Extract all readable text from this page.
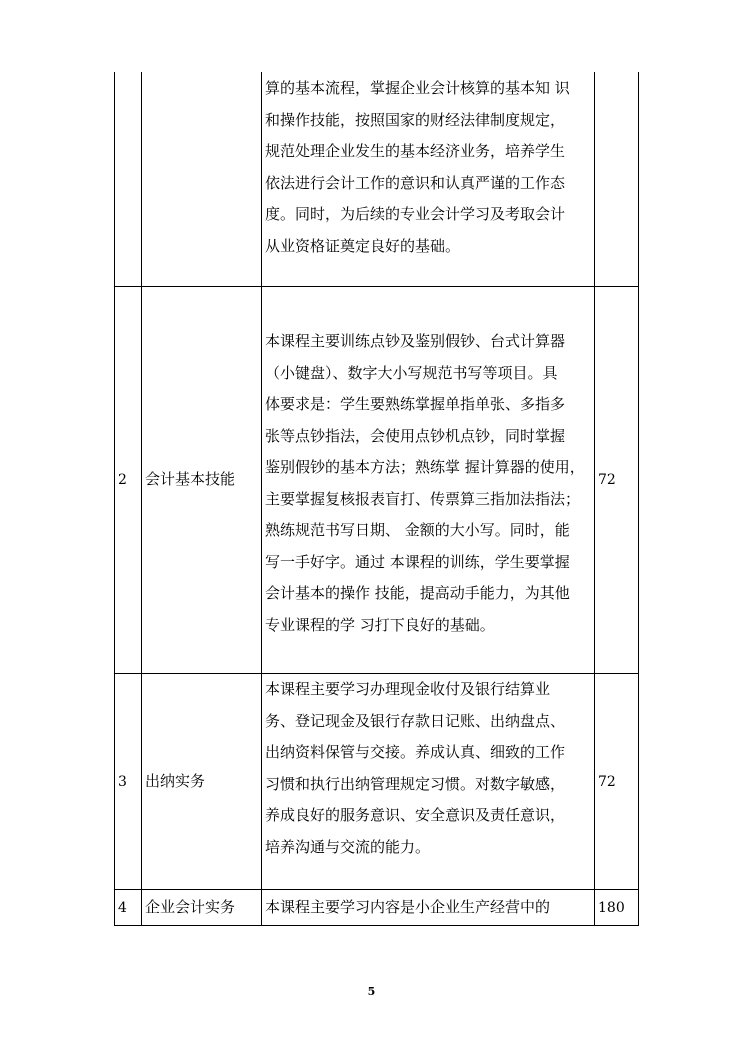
算的基本流程，掌握企业会计核算的基本知 识
和操作技能，按照国家的财经法律制度规定，
规范处理企业发生的基本经济业务，培养学生
依法进行会计工作的意识和认真严谨的工作态
度。同时，为后续的专业会计学习及考取会计
从业资格证奠定良好的基础。
2 会计基本技能
本课程主要训练点钞及鉴别假钞、台式计算器
（小键盘）、数字大小写规范书写等项目。具
体要求是：学生要熟练掌握单指单张、多指多
张等点钞指法，会使用点钞机点钞，同时掌握
鉴别假钞的基本方法；熟练掌 握计算器的使用，
主要掌握复核报表盲打、传票算三指加法指法；
熟练规范书写日期、 金额的大小写。同时，能
写一手好字。通过 本课程的训练，学生要掌握
会计基本的操作 技能，提高动手能力，为其他
专业课程的学 习打下良好的基础。
72
3 出纳实务
本课程主要学习办理现金收付及银行结算业
务、登记现金及银行存款日记账、出纳盘点、
出纳资料保管与交接。养成认真、细致的工作
习惯和执行出纳管理规定习惯。对数字敏感，
养成良好的服务意识、安全意识及责任意识，
培养沟通与交流的能力。
72
4 企业会计实务 本课程主要学习内容是小企业生产经营中的	180
5
